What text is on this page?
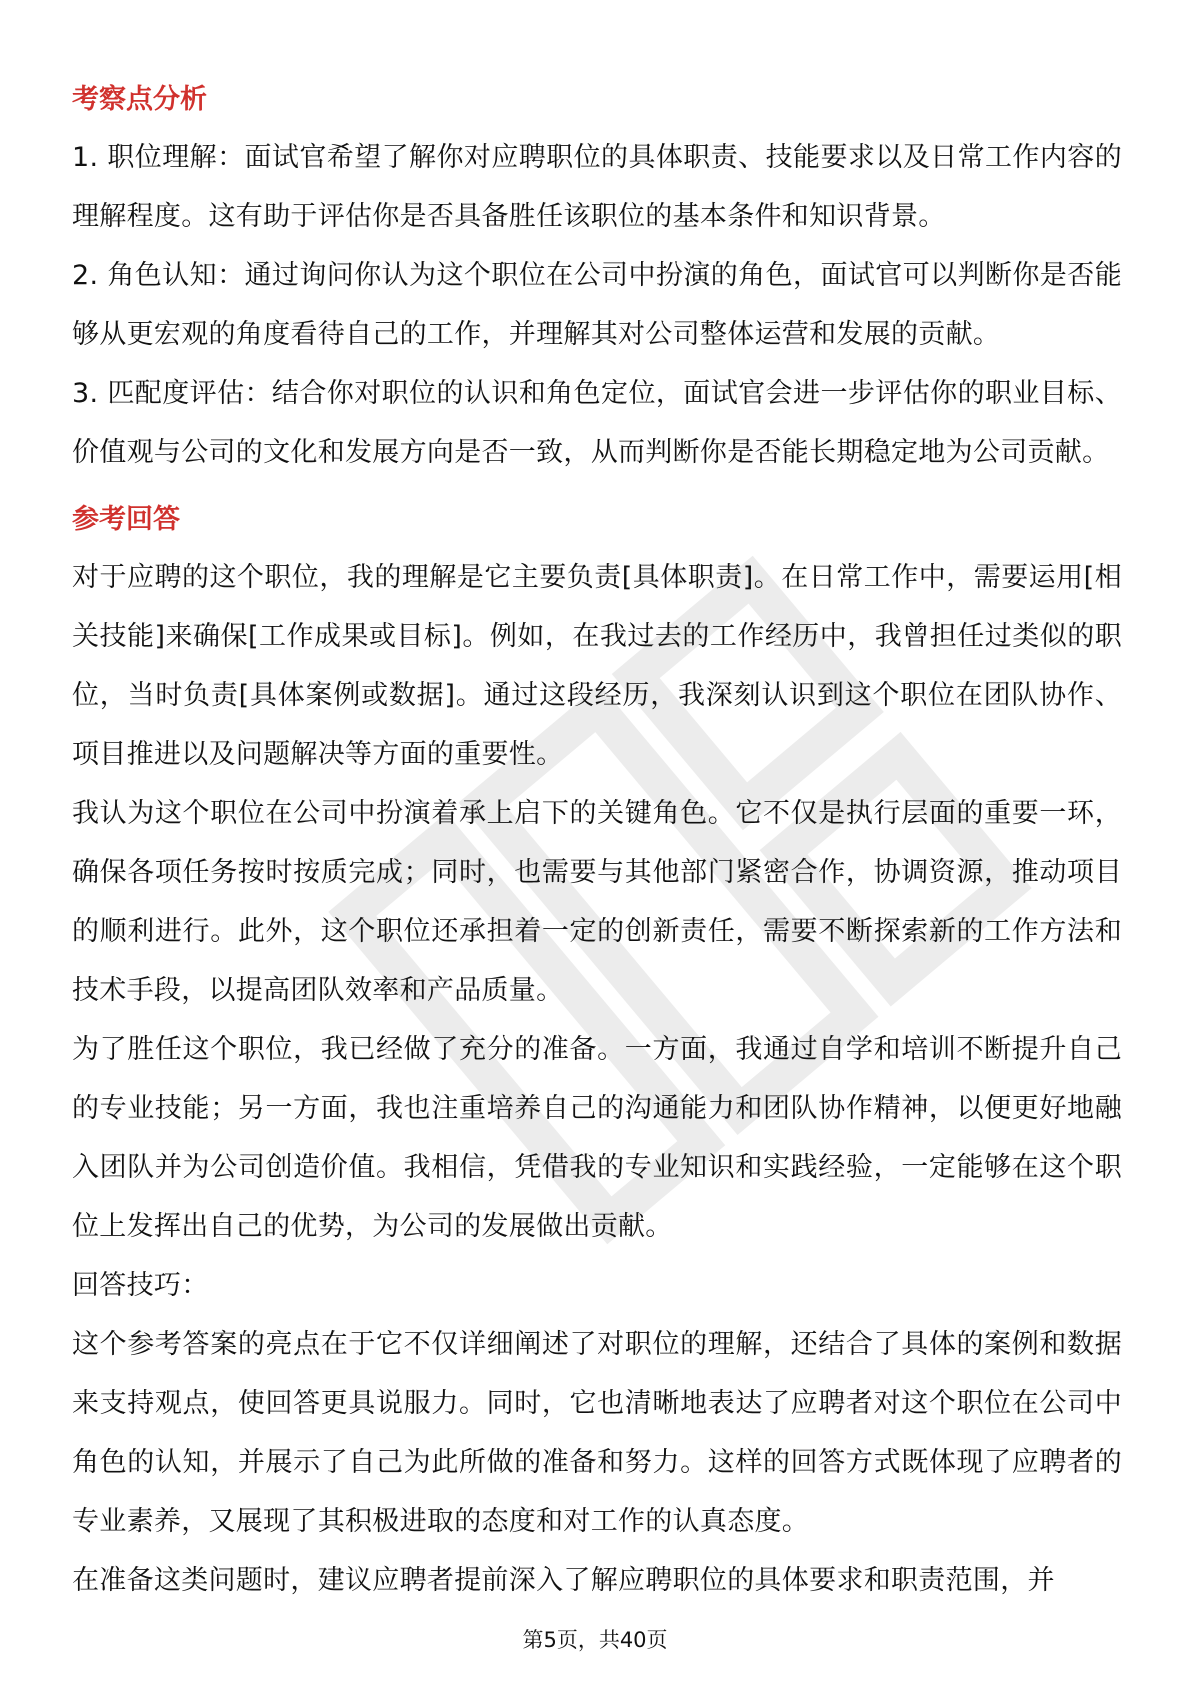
考察点分析

1. 职位理解：面试官希望了解你对应聘职位的具体职责、技能要求以及日常工作内容的理解程度。这有助于评估你是否具备胜任该职位的基本条件和知识背景。

2. 角色认知：通过询问你认为这个职位在公司中扮演的角色，面试官可以判断你是否能够从更宏观的角度看待自己的工作，并理解其对公司整体运营和发展的贡献。

3. 匹配度评估：结合你对职位的认识和角色定位，面试官会进一步评估你的职业目标、价值观与公司的文化和发展方向是否一致，从而判断你是否能长期稳定地为公司贡献。

参考回答

对于应聘的这个职位，我的理解是它主要负责[具体职责]。在日常工作中，需要运用[相关技能]来确保[工作成果或目标]。例如，在我过去的工作经历中，我曾担任过类似的职位，当时负责[具体案例或数据]。通过这段经历，我深刻认识到这个职位在团队协作、项目推进以及问题解决等方面的重要性。

我认为这个职位在公司中扮演着承上启下的关键角色。它不仅是执行层面的重要一环，确保各项任务按时按质完成；同时，也需要与其他部门紧密合作，协调资源，推动项目的顺利进行。此外，这个职位还承担着一定的创新责任，需要不断探索新的工作方法和技术手段，以提高团队效率和产品质量。

为了胜任这个职位，我已经做了充分的准备。一方面，我通过自学和培训不断提升自己的专业技能；另一方面，我也注重培养自己的沟通能力和团队协作精神，以便更好地融入团队并为公司创造价值。我相信，凭借我的专业知识和实践经验，一定能够在这个职位上发挥出自己的优势，为公司的发展做出贡献。

回答技巧：

这个参考答案的亮点在于它不仅详细阐述了对职位的理解，还结合了具体的案例和数据来支持观点，使回答更具说服力。同时，它也清晰地表达了应聘者对这个职位在公司中角色的认知，并展示了自己为此所做的准备和努力。这样的回答方式既体现了应聘者的专业素养，又展现了其积极进取的态度和对工作的认真态度。

在准备这类问题时，建议应聘者提前深入了解应聘职位的具体要求和职责范围，并

第5页，共40页
